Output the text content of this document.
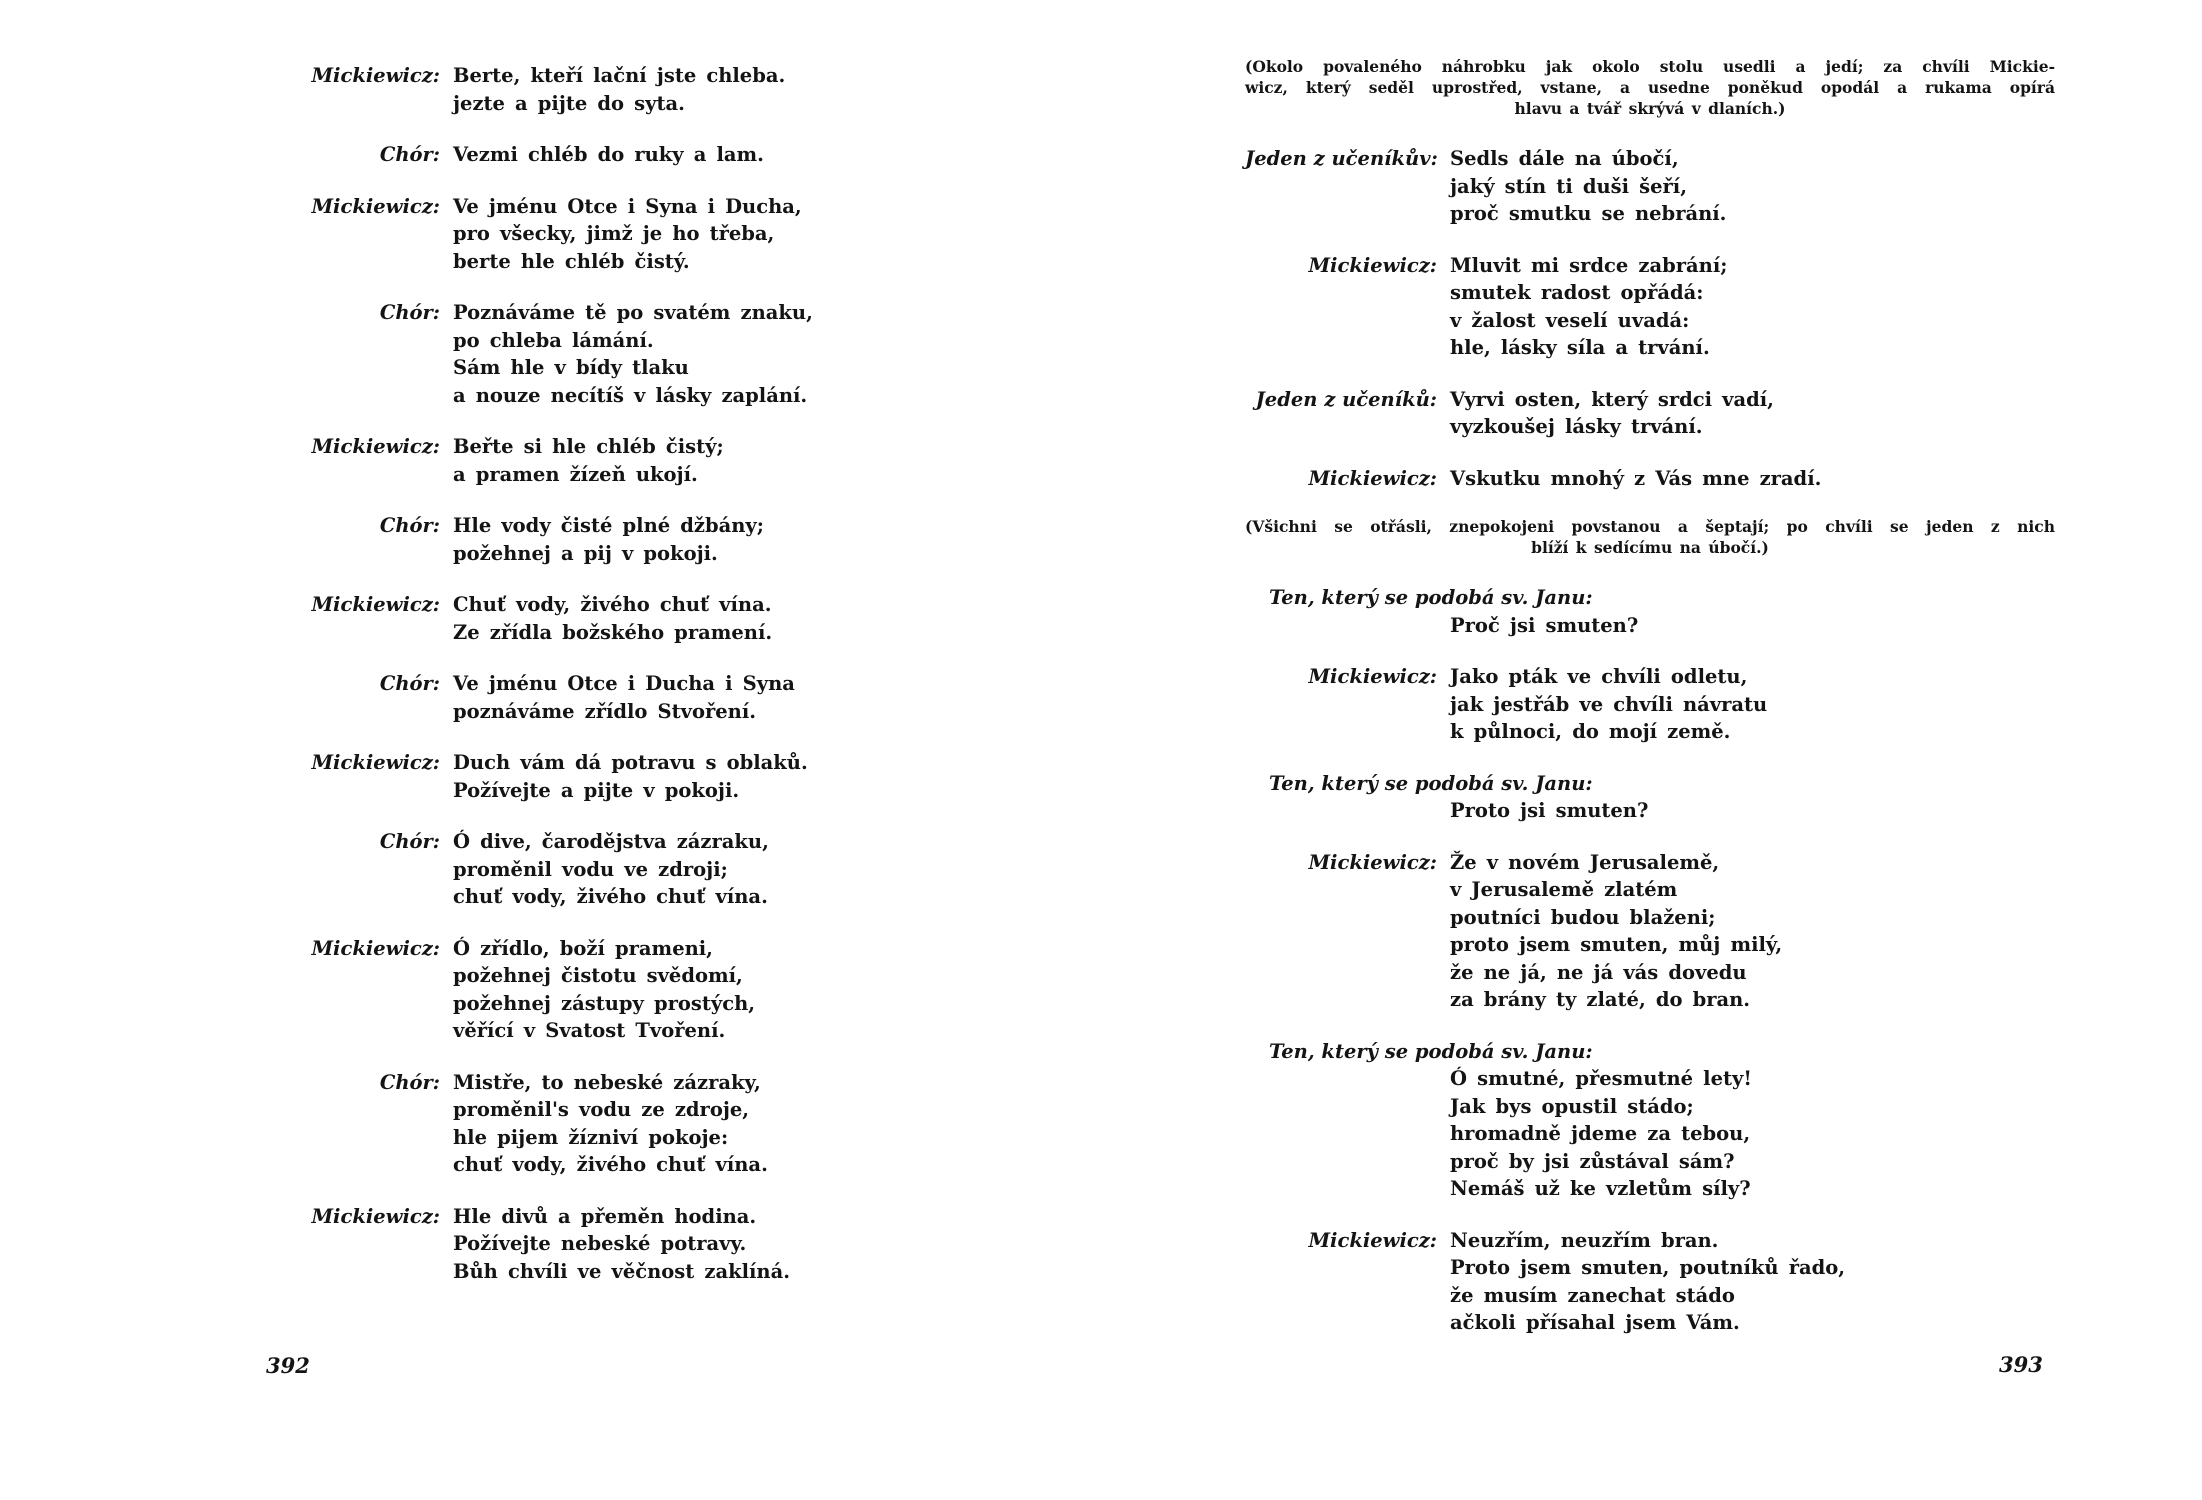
Mickiewicz: Berte, kteří lační jste chleba.
jezte a pijte do syta.
Chór: Vezmi chléb do ruky a lam.
Mickiewicz: Ve jménu Otce i Syna i Ducha,
pro všecky, jimž je ho třeba,
berte hle chléb čistý.
Chór: Poznáváme tě po svatém znaku,
po chleba lámání.
Sám hle v bídy tlaku
a nouze necítíš v lásky zaplání.
Mickiewicz: Beřte si hle chléb čistý;
a pramen žízeň ukojí.
Chór: Hle vody čisté plné džbány;
požehnej a pij v pokoji.
Mickiewicz: Chuť vody, živého chuť vína.
Ze zřídla božského pramení.
Chór: Ve jménu Otce i Ducha i Syna
poznáváme zřídlo Stvoření.
Mickiewicz: Duch vám dá potravu s oblaků.
Požívejte a pijte v pokoji.
Chór: Ó dive, čarodějstva zázraku,
proměnil vodu ve zdroji;
chuť vody, živého chuť vína.
Mickiewicz: Ó zřídlo, boží prameni,
požehnej čistotu svědomí,
požehnej zástupy prostých,
věřící v Svatost Tvoření.
Chór: Mistře, to nebeské zázraky,
proměnil's vodu ze zdroje,
hle pijem žízniví pokoje:
chuť vody, živého chuť vína.
Mickiewicz: Hle divů a přeměn hodina.
Požívejte nebeské potravy.
Bůh chvíli ve věčnost zaklíná.
(Okolo povaleného náhrobku jak okolo stolu usedli a jedí; za chvíli Mickie-
wicz, který seděl uprostřed, vstane, a usedne poněkud opodál a rukama opírá
hlavu a tvář skrývá v dlaních.)
Jeden z učeníkův: Sedls dále na úbočí,
jaký stín ti duši šeří,
proč smutku se nebrání.
Mickiewicz: Mluvit mi srdce zabrání;
smutek radost opřádá:
v žalost veselí uvadá:
hle, lásky síla a trvání.
Jeden z učeníků: Vyrvi osten, který srdci vadí,
vyzkoušej lásky trvání.
Mickiewicz: Vskutku mnohý z Vás mne zradí.
(Všichni se otřásli, znepokojeni povstanou a šeptají; po chvíli se jeden z nich
blíží k sedícímu na úbočí.)
Ten, který se podobá sv. Janu:
Proč jsi smuten?
Mickiewicz: Jako pták ve chvíli odletu,
jak jestřáb ve chvíli návratu
k půlnoci, do mojí země.
Ten, který se podobá sv. Janu:
Proto jsi smuten?
Mickiewicz: Že v novém Jerusalemě,
v Jerusalemě zlatém
poutníci budou blaženi;
proto jsem smuten, můj milý,
že ne já, ne já vás dovedu
za brány ty zlaté, do bran.
Ten, který se podobá sv. Janu:
Ó smutné, přesmutné lety!
Jak bys opustil stádo;
hromadně jdeme za tebou,
proč by jsi zůstával sám?
Nemáš už ke vzletům síly?
Mickiewicz: Neuzřím, neuzřím bran.
Proto jsem smuten, poutníků řado,
že musím zanechat stádo
ačkoli přísahal jsem Vám.
392	393
